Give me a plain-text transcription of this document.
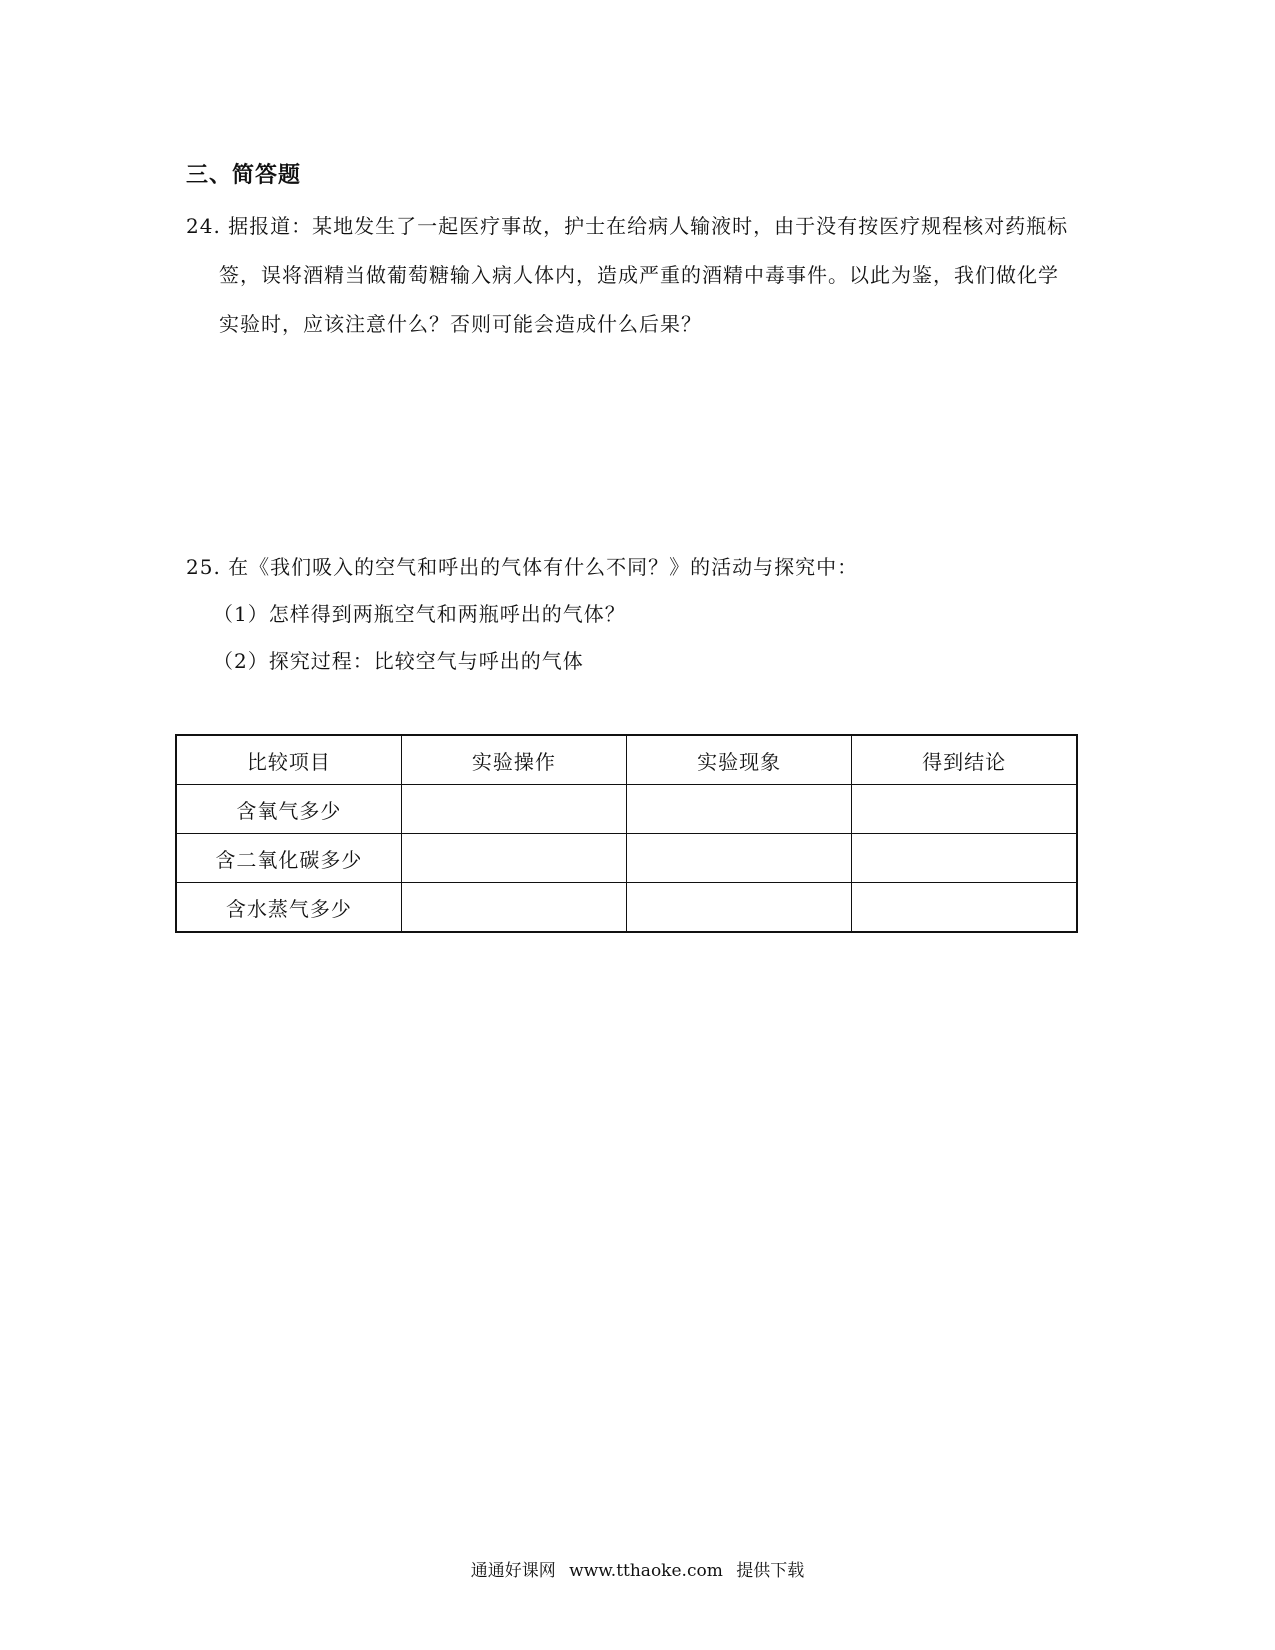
三、简答题
24. 据报道：某地发生了一起医疗事故，护士在给病人输液时，由于没有按医疗规程核对药瓶标
签，误将酒精当做葡萄糖输入病人体内，造成严重的酒精中毒事件。以此为鉴，我们做化学
实验时，应该注意什么？否则可能会造成什么后果？
25. 在《我们吸入的空气和呼出的气体有什么不同？》的活动与探究中：
（1）怎样得到两瓶空气和两瓶呼出的气体？
（2）探究过程：比较空气与呼出的气体
比较项目	实验操作	实验现象	得到结论
含氧气多少			
含二氧化碳多少			
含水蒸气多少			
通通好课网 www.tthaoke.com 提供下载
